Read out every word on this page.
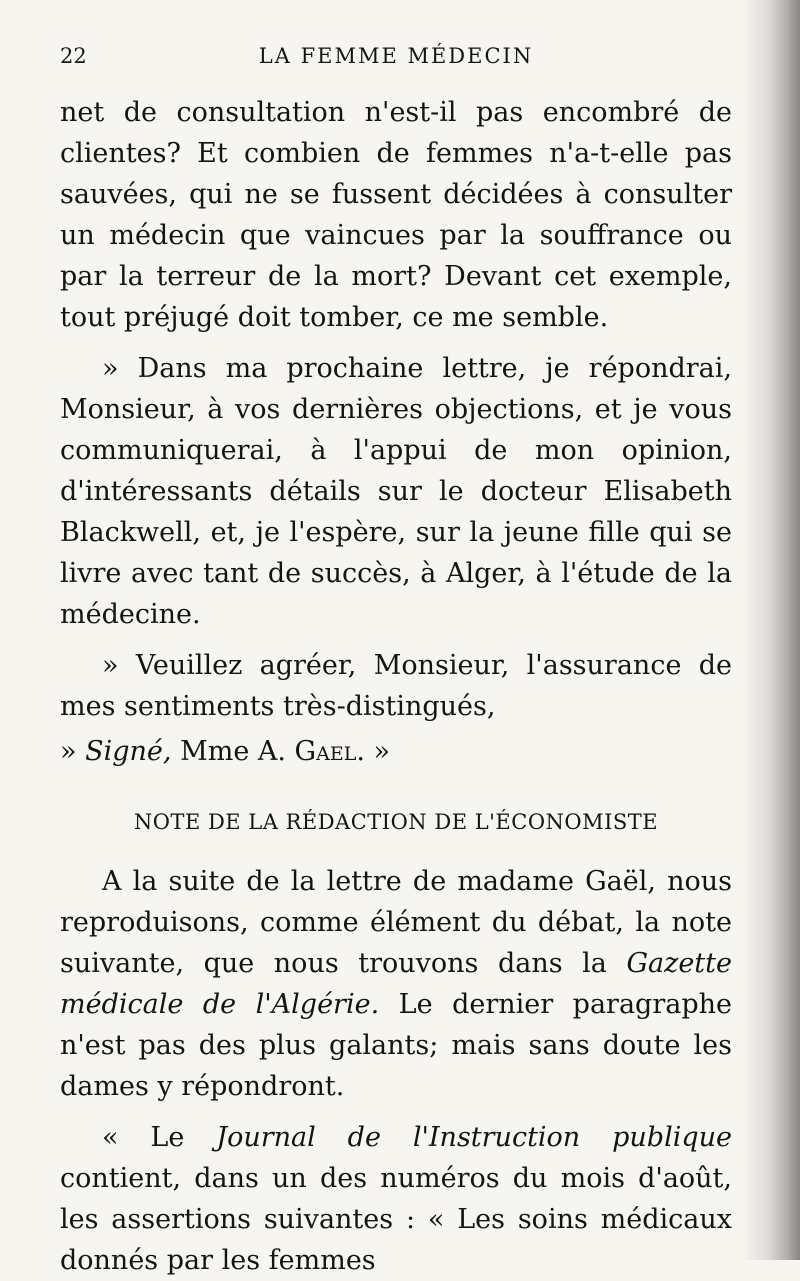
22	LA FEMME MÉDECIN

net de consultation n'est-il pas encombré de clientes? Et combien de femmes n'a-t-elle pas sauvées, qui ne se fussent décidées à consulter un médecin que vaincues par la souffrance ou par la terreur de la mort? Devant cet exemple, tout préjugé doit tomber, ce me semble.

» Dans ma prochaine lettre, je répondrai, Monsieur, à vos dernières objections, et je vous communiquerai, à l'appui de mon opinion, d'intéressants détails sur le docteur Elisabeth Blackwell, et, je l'espère, sur la jeune fille qui se livre avec tant de succès, à Alger, à l'étude de la médecine.

» Veuillez agréer, Monsieur, l'assurance de mes sentiments très-distingués,

» Signé, Mme A. Gael. »

NOTE DE LA RÉDACTION DE L'ÉCONOMISTE

A la suite de la lettre de madame Gaël, nous reproduisons, comme élément du débat, la note suivante, que nous trouvons dans la Gazette médicale de l'Algérie. Le dernier paragraphe n'est pas des plus galants; mais sans doute les dames y répondront.

« Le Journal de l'Instruction publique contient, dans un des numéros du mois d'août, les assertions suivantes : « Les soins médicaux donnés par les femmes
